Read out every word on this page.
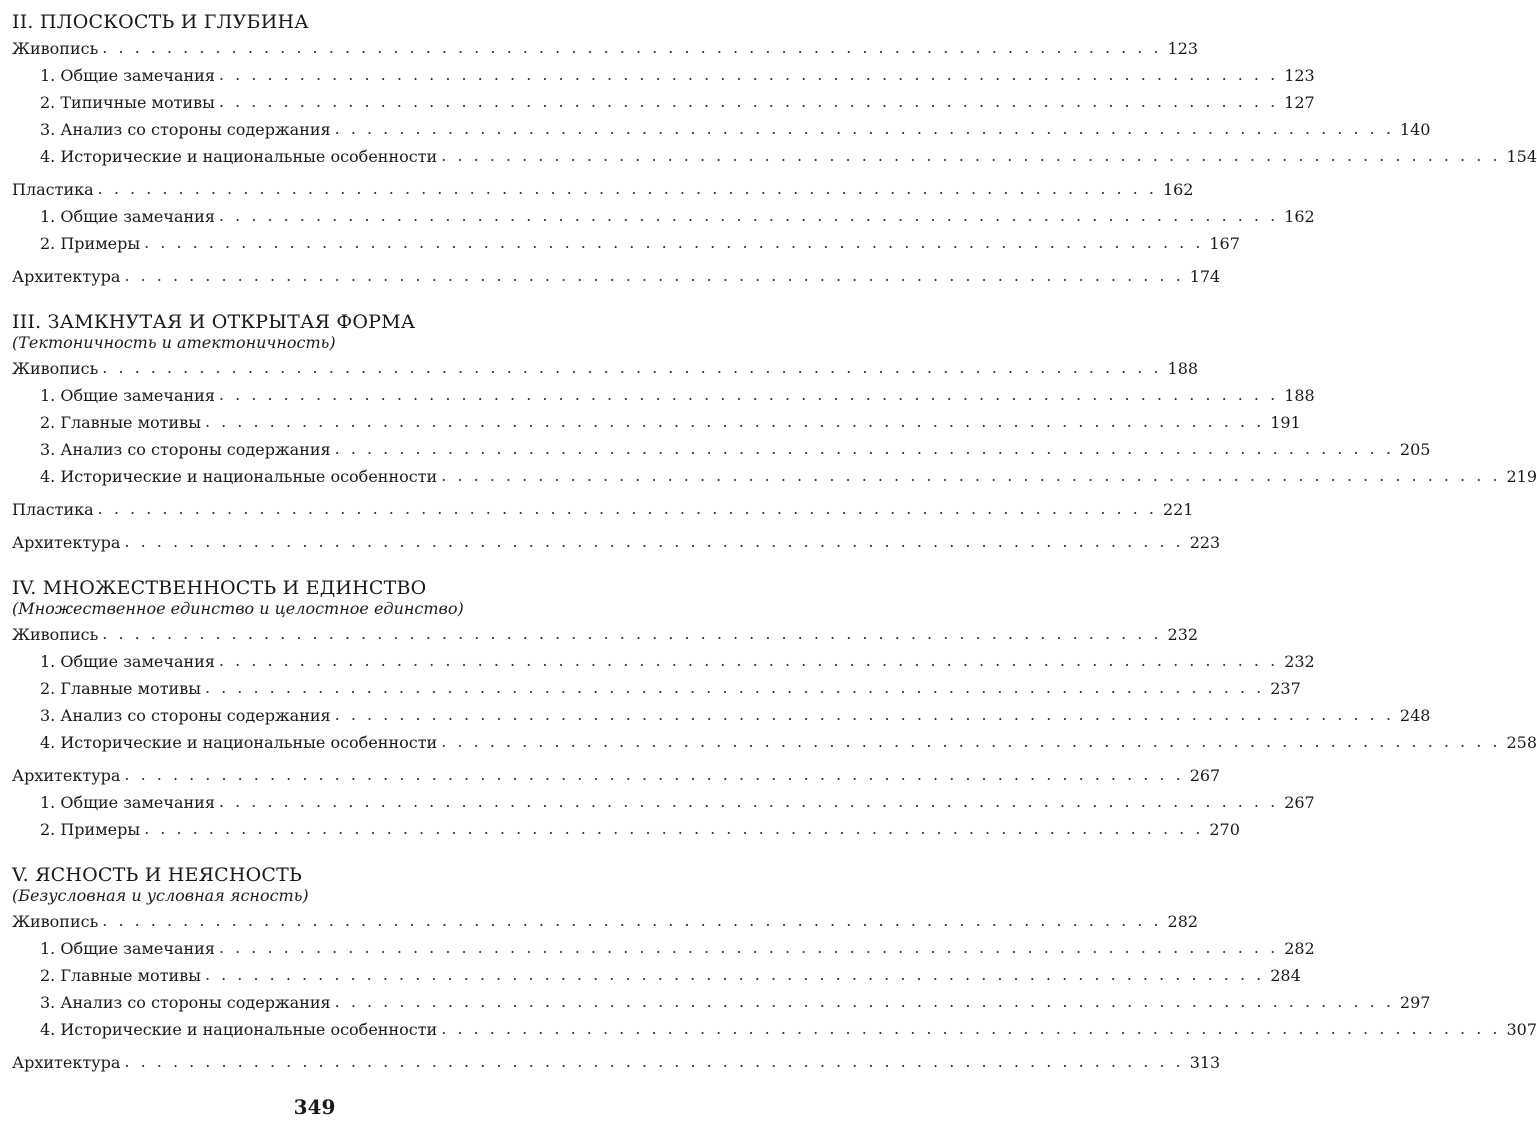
II. ПЛОСКОСТЬ И ГЛУБИНА
Живопись . . . . . . . . . . . . . . . . . . . . . . . . . . . . . . . . . . . . . . . . . . . . . . . . . . . . . . . . . . . . . . . . . . 123
1. Общие замечания . . . . . . . . . . . . . . . . . . . . . . . . . . . . . . . . . . . . . . . . . . . . . . . . . . . . . . . . . . . . . . . . . . 123
2. Типичные мотивы . . . . . . . . . . . . . . . . . . . . . . . . . . . . . . . . . . . . . . . . . . . . . . . . . . . . . . . . . . . . . . . . . . 127
3. Анализ со стороны содержания . . . . . . . . . . . . . . . . . . . . . . . . . . . . . . . . . . . . . . . . . . . . . . . . . . . . . . . . . . . . . . . . . . 140
4. Исторические и национальные особенности . . . . . . . . . . . . . . . . . . . . . . . . . . . . . . . . . . . . . . . . . . . . . . . . . . . . . . . . . . . . . . . . . . 154
Пластика . . . . . . . . . . . . . . . . . . . . . . . . . . . . . . . . . . . . . . . . . . . . . . . . . . . . . . . . . . . . . . . . . . 162
1. Общие замечания . . . . . . . . . . . . . . . . . . . . . . . . . . . . . . . . . . . . . . . . . . . . . . . . . . . . . . . . . . . . . . . . . . 162
2. Примеры . . . . . . . . . . . . . . . . . . . . . . . . . . . . . . . . . . . . . . . . . . . . . . . . . . . . . . . . . . . . . . . . . . 167
Архитектура . . . . . . . . . . . . . . . . . . . . . . . . . . . . . . . . . . . . . . . . . . . . . . . . . . . . . . . . . . . . . . . . . . 174
III. ЗАМКНУТАЯ И ОТКРЫТАЯ ФОРМА
(Тектоничность и атектоничность)
Живопись . . . . . . . . . . . . . . . . . . . . . . . . . . . . . . . . . . . . . . . . . . . . . . . . . . . . . . . . . . . . . . . . . . 188
1. Общие замечания . . . . . . . . . . . . . . . . . . . . . . . . . . . . . . . . . . . . . . . . . . . . . . . . . . . . . . . . . . . . . . . . . . 188
2. Главные мотивы . . . . . . . . . . . . . . . . . . . . . . . . . . . . . . . . . . . . . . . . . . . . . . . . . . . . . . . . . . . . . . . . . . 191
3. Анализ со стороны содержания . . . . . . . . . . . . . . . . . . . . . . . . . . . . . . . . . . . . . . . . . . . . . . . . . . . . . . . . . . . . . . . . . . 205
4. Исторические и национальные особенности . . . . . . . . . . . . . . . . . . . . . . . . . . . . . . . . . . . . . . . . . . . . . . . . . . . . . . . . . . . . . . . . . . 219
Пластика . . . . . . . . . . . . . . . . . . . . . . . . . . . . . . . . . . . . . . . . . . . . . . . . . . . . . . . . . . . . . . . . . . 221
Архитектура . . . . . . . . . . . . . . . . . . . . . . . . . . . . . . . . . . . . . . . . . . . . . . . . . . . . . . . . . . . . . . . . . . 223
IV. МНОЖЕСТВЕННОСТЬ И ЕДИНСТВО
(Множественное единство и целостное единство)
Живопись . . . . . . . . . . . . . . . . . . . . . . . . . . . . . . . . . . . . . . . . . . . . . . . . . . . . . . . . . . . . . . . . . . 232
1. Общие замечания . . . . . . . . . . . . . . . . . . . . . . . . . . . . . . . . . . . . . . . . . . . . . . . . . . . . . . . . . . . . . . . . . . 232
2. Главные мотивы . . . . . . . . . . . . . . . . . . . . . . . . . . . . . . . . . . . . . . . . . . . . . . . . . . . . . . . . . . . . . . . . . . 237
3. Анализ со стороны содержания . . . . . . . . . . . . . . . . . . . . . . . . . . . . . . . . . . . . . . . . . . . . . . . . . . . . . . . . . . . . . . . . . . 248
4. Исторические и национальные особенности . . . . . . . . . . . . . . . . . . . . . . . . . . . . . . . . . . . . . . . . . . . . . . . . . . . . . . . . . . . . . . . . . . 258
Архитектура . . . . . . . . . . . . . . . . . . . . . . . . . . . . . . . . . . . . . . . . . . . . . . . . . . . . . . . . . . . . . . . . . . 267
1. Общие замечания . . . . . . . . . . . . . . . . . . . . . . . . . . . . . . . . . . . . . . . . . . . . . . . . . . . . . . . . . . . . . . . . . . 267
2. Примеры . . . . . . . . . . . . . . . . . . . . . . . . . . . . . . . . . . . . . . . . . . . . . . . . . . . . . . . . . . . . . . . . . . 270
V. ЯСНОСТЬ И НЕЯСНОСТЬ
(Безусловная и условная ясность)
Живопись . . . . . . . . . . . . . . . . . . . . . . . . . . . . . . . . . . . . . . . . . . . . . . . . . . . . . . . . . . . . . . . . . . 282
1. Общие замечания . . . . . . . . . . . . . . . . . . . . . . . . . . . . . . . . . . . . . . . . . . . . . . . . . . . . . . . . . . . . . . . . . . 282
2. Главные мотивы . . . . . . . . . . . . . . . . . . . . . . . . . . . . . . . . . . . . . . . . . . . . . . . . . . . . . . . . . . . . . . . . . . 284
3. Анализ со стороны содержания . . . . . . . . . . . . . . . . . . . . . . . . . . . . . . . . . . . . . . . . . . . . . . . . . . . . . . . . . . . . . . . . . . 297
4. Исторические и национальные особенности . . . . . . . . . . . . . . . . . . . . . . . . . . . . . . . . . . . . . . . . . . . . . . . . . . . . . . . . . . . . . . . . . . 307
Архитектура . . . . . . . . . . . . . . . . . . . . . . . . . . . . . . . . . . . . . . . . . . . . . . . . . . . . . . . . . . . . . . . . . . 313
349
